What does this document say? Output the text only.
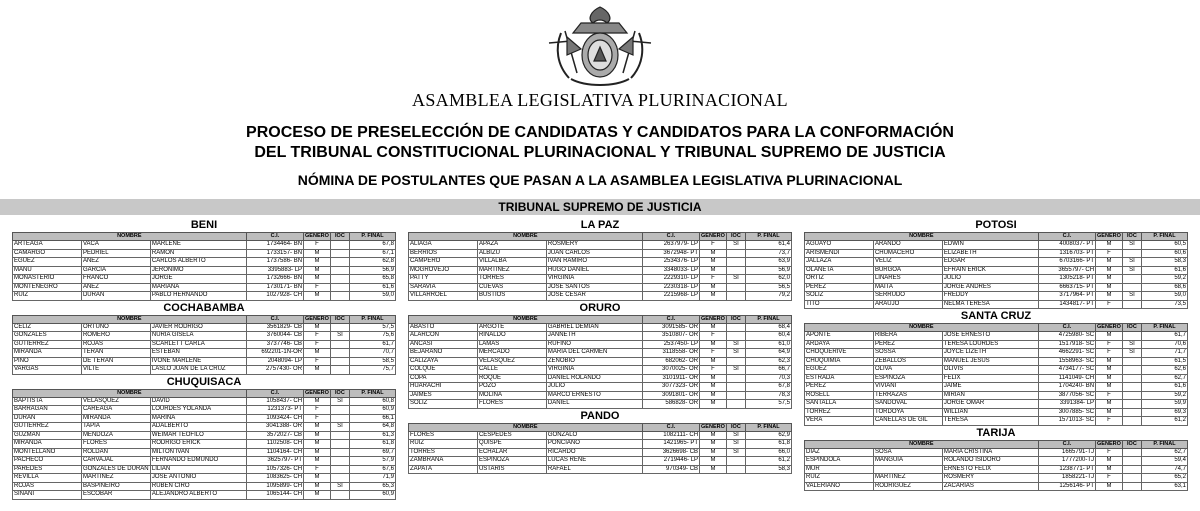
ASAMBLEA LEGISLATIVA PLURINACIONAL
PROCESO DE PRESELECCIÓN DE CANDIDATAS Y CANDIDATOS PARA LA CONFORMACIÓN
DEL TRIBUNAL CONSTITUCIONAL PLURINACIONAL Y TRIBUNAL SUPREMO DE JUSTICIA
NÓMINA DE POSTULANTES QUE PASAN A LA ASAMBLEA LEGISLATIVA PLURINACIONAL
TRIBUNAL SUPREMO DE JUSTICIA
BENI
NOMBRE			C.I.	GÉNERO	IOC	P. FINAL
ARTEAGA	VACA	MARLENE	1734464- BN	F		67,8
CAMARGO	PEDRIEL	RAMON	1733157- BN	M		67,1
EGUEZ	AÑEZ	CARLOS ALBERTO	1737586- BN	M		62,8
MANU	GARCIA	JERONIMO	3395883- LP	M		56,9
MONASTERIO	FRANCO	JORGE	1732666- BN	M		65,8
MONTENEGRO	AÑEZ	MARIANA	1730171- BN	F		61,6
RUIZ	DURAN	PABLO HERNANDO	1027928- CH	M		59,0
COCHABAMBA
NOMBRE			C.I.	GÉNERO	IOC	P. FINAL
CELIZ	ORTUÑO	JAVIER RODRIGO	3561829- CB	M		57,5
GONZALES	ROMERO	NURIA GISELA	3760044- CB	F	SI	75,6
GUTIERREZ	ROJAS	SCARLETT CARLA	3737746- CB	F		61,7
MIRANDA	TERAN	ESTEBAN	692201-1N-OR	M		70,7
PINO	DE TERAN	IVONE MARLENE	2048094- LP	F		58,5
VARGAS	VILTE	LASLO JUAN DE LA CRUZ	2757430- OR	M		75,7
CHUQUISACA
NOMBRE			C.I.	GÉNERO	IOC	P. FINAL
BAPTISTA	VELASQUEZ	DAVID	1058437- CH	M	SI	60,8
BARRAGAN	CAREAGA	LOURDES YOLANDA	1231373- PT	F		60,9
DURAN	MIRANDA	MARINA	1093424- CH	F		66,1
GUTIERREZ	TAPIA	ADALBERTO	3041388- OR	M	SI	64,8
GUZMAN	MENDOZA	WEIMAR TEOFILO	3572027- CB	M		61,3
MIRANDA	FLORES	RODRIGO ERICK	1102508- CH	M		61,8
MONTELLANO	ROLDAN	MILTON IVAN	1104164- CH	M		69,7
PACHECO	CARVAJAL	FERNANDO EDMUNDO	3625797- PT	M		57,9
PAREDES	GONZALES DE DURAN	LILIAN	1057326- CH	F		67,6
REVILLA	MARTINEZ	JOSE ANTONIO	1083625- CH	M		71,9
ROJAS	BASPINEIRO	RUBEN CIRO	1095899- CH	M	SI	65,3
SIÑANI	ESCOBAR	ALEJANDRO ALBERTO	1065144- CH	M		60,9
LA PAZ
NOMBRE			C.I.	GÉNERO	IOC	P. FINAL
ALIAGA	APAZA	ROSMERY	2637979- LP	F	SI	61,4
BERRIOS	ALBIZU	JUAN CARLOS	3672948- PT	M		73,7
CAMPERO	VILLALBA	IVAN RAMIRO	2534376- LP	M		63,9
MOGROVEJO	MARTINEZ	HUGO DANIEL	3348033- LP	M		56,9
PATTY	TORRES	VIRGINIA	2229310- LP	F	SI	62,0
SARAVIA	CUEVAS	JOSE SANTOS	2230318- LP	M		56,5
VILLARROEL	BUSTIOS	JOSE CESAR	2215968- LP	M		79,2
ORURO
NOMBRE			C.I.	GÉNERO	IOC	P. FINAL
ABASTO	ARGOTE	GABRIEL DEMIAN	3091585- OR	M		68,4
ALARCON	RINALDO	JANNETH	3510807- OR	F		60,4
ANCASI	LAMAS	RUFINO	2537450- LP	M	SI	61,0
BEJARANO	MERCADO	MARIA DEL CARMEN	3118558- OR	F	SI	64,9
CALIZAYA	VELASQUEZ	ZENOBIO	682062- OR	M		62,3
COLQUE	CALLE	VIRGINIA	3070025- OR	F	SI	66,7
COPA	ROQUE	DANIEL ROLANDO	3101911- OR	M		70,3
HUARACHI	POZO	JULIO	3077323- OR	M		67,8
JAIMES	MOLINA	MARCO ERNESTO	3091801- OR	M		78,3
SOLIZ	FLORES	DANIEL	586828- OR	M		57,5
PANDO
NOMBRE			C.I.	GÉNERO	IOC	P. FINAL
FLORES	CESPEDES	GONZALO	1082111- CH	M	SI	62,9
RUIZ	QUISPE	PONCIANO	1421965- PT	M	SI	61,8
TORRES	ECHALAR	RICARDO	3626698- CB	M	SI	66,0
ZAMBRANA	ESPINOZA	LUCAS RENE	2719446- LP	M		61,2
ZAPATA	USTARIS	RAFAEL	970349- CB	M		58,3
POTOSI
NOMBRE			C.I.	GÉNERO	IOC	P. FINAL
AGUAYO	ARANDO	EDWIN	4008037- PT	M	SI	60,5
ARISMENDI	CHUMACERO	ELIZABETH	1316703- PT	F		60,6
JALLAZA	VELIZ	EDGAR	6703166- PT	M	SI	58,3
OLAÑETA	BURGOA	EFRAIN ERICK	3655797- CH	M	SI	61,6
ORTIZ	LINARES	JULIO	1305218- PT	M		59,2
PEREZ	MAITA	JORGE ANDRES	6663715- PT	M		68,6
SOLIZ	SERRUDO	FREDDY	3717964- PT	M	SI	59,0
TITO	ARAUJO	NELMA TERESA	1434817- PT	F		73,5
SANTA CRUZ
NOMBRE			C.I.	GÉNERO	IOC	P. FINAL
APONTE	RIBERA	JOSE ERNESTO	4725980- SC	M		61,7
ARDAYA	PEREZ	TERESA LOURDES	1517918- SC	F	SI	70,6
CHOQUERIVE	SOSSA	JOYCE LIZETH	4662291- SC	F	SI	71,7
CHUQUIMIA	ZEBALLOS	MANUEL JESUS	1558963- SC	M		61,5
EGUEZ	OLIVA	OLIVIS	4734177- SC	M		62,6
ESTRADA	ESPINOZA	FELIX	1141049- CH	M		62,7
PEREZ	VIVIANI	JAIME	1704240- BN	M		61,6
ROSELL	TERRAZAS	MIRIAN	3877056- SC	F		59,2
SANTALLA	SANDOVAL	JORGE OMAR	3391384- LP	M		59,9
TORREZ	TORDOYA	WILLIAN	3007885- SC	M		69,3
VERA	CAÑELLAS DE GIL	TERESA	1571013- SC	F		61,2
TARIJA
NOMBRE			C.I.	GÉNERO	IOC	P. FINAL
DIAZ	SOSA	MARIA CRISTINA	1665791-TJ	F		62,7
ESPINDOLA	MANGUIA	ROLANDO ISIDORO	1777200-TJ	M		59,4
MUR		ERNESTO FELIX	1238771- PT	M		74,7
RUIZ	MARTINEZ	ROSMERY	1858221-TJ	F		65,2
VALERIANO	RODRIGUEZ	ZACARIAS	1256146- PT	M		63,1
